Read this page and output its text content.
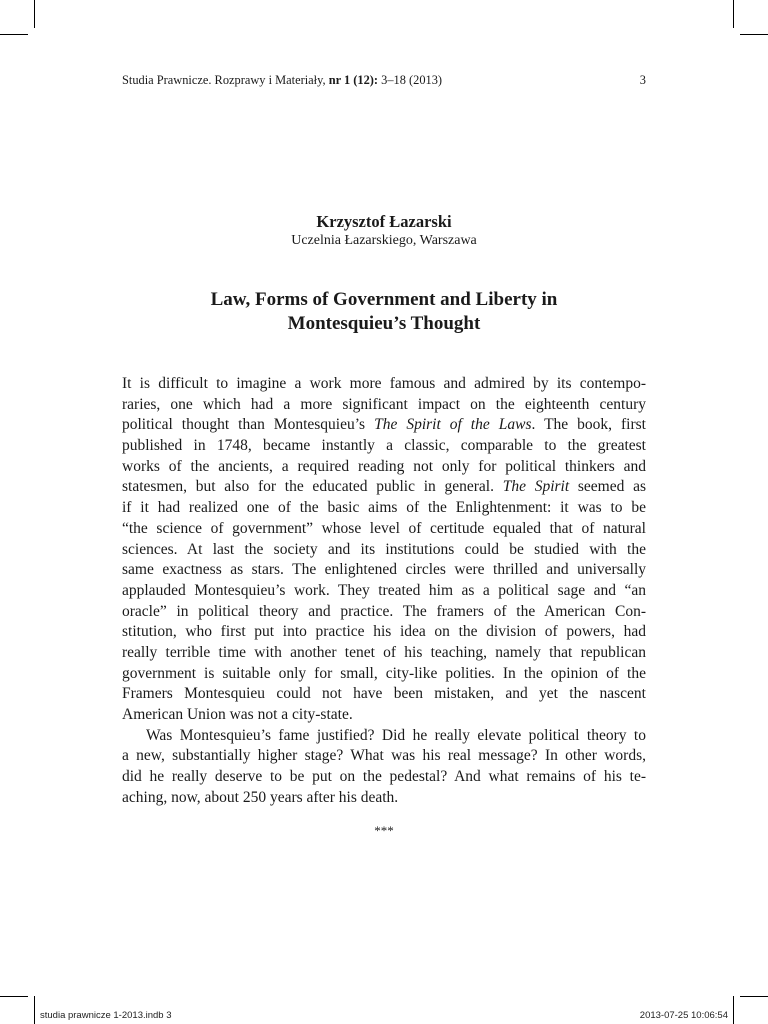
Studia Prawnicze. Rozprawy i Materiały, nr 1 (12): 3–18 (2013)	3
Krzysztof Łazarski
Uczelnia Łazarskiego, Warszawa
Law, Forms of Government and Liberty in
Montesquieu’s Thought
It is difficult to imagine a work more famous and admired by its contempo-
raries, one which had a more significant impact on the eighteenth century
political thought than Montesquieu’s The Spirit of the Laws. The book, first
published in 1748, became instantly a classic, comparable to the greatest
works of the ancients, a required reading not only for political thinkers and
statesmen, but also for the educated public in general. The Spirit seemed as
if it had realized one of the basic aims of the Enlightenment: it was to be
“the science of government” whose level of certitude equaled that of natural
sciences. At last the society and its institutions could be studied with the
same exactness as stars. The enlightened circles were thrilled and universally
applauded Montesquieu’s work. They treated him as a political sage and “an
oracle” in political theory and practice. The framers of the American Con-
stitution, who first put into practice his idea on the division of powers, had
really terrible time with another tenet of his teaching, namely that republican
government is suitable only for small, city-like polities. In the opinion of the
Framers Montesquieu could not have been mistaken, and yet the nascent
American Union was not a city-state.
Was Montesquieu’s fame justified? Did he really elevate political theory to
a new, substantially higher stage? What was his real message? In other words,
did he really deserve to be put on the pedestal? And what remains of his te-
aching, now, about 250 years after his death.
***
studia prawnicze 1-2013.indb 3	2013-07-25 10:06:54
